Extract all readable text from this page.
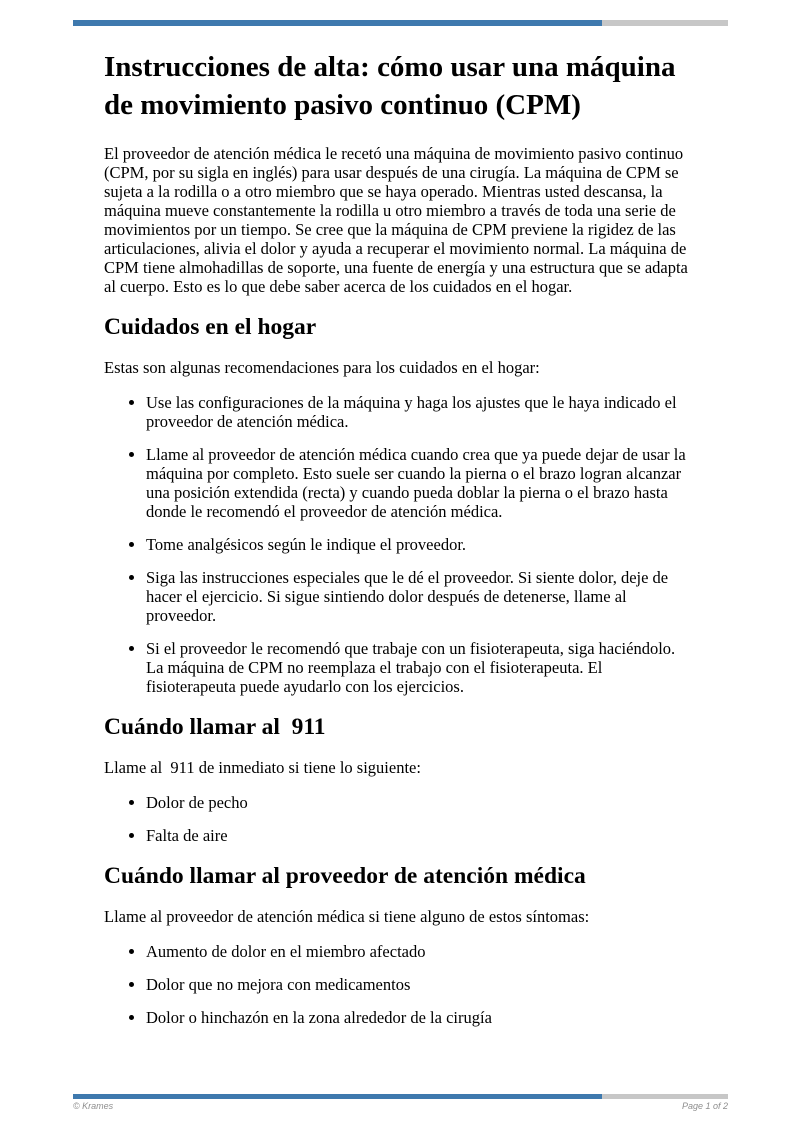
Instrucciones de alta: cómo usar una máquina de movimiento pasivo continuo (CPM)

El proveedor de atención médica le recetó una máquina de movimiento pasivo continuo (CPM, por su sigla en inglés) para usar después de una cirugía. La máquina de CPM se sujeta a la rodilla o a otro miembro que se haya operado. Mientras usted descansa, la máquina mueve constantemente la rodilla u otro miembro a través de toda una serie de movimientos por un tiempo. Se cree que la máquina de CPM previene la rigidez de las articulaciones, alivia el dolor y ayuda a recuperar el movimiento normal. La máquina de CPM tiene almohadillas de soporte, una fuente de energía y una estructura que se adapta al cuerpo. Esto es lo que debe saber acerca de los cuidados en el hogar.

Cuidados en el hogar

Estas son algunas recomendaciones para los cuidados en el hogar:

• Use las configuraciones de la máquina y haga los ajustes que le haya indicado el proveedor de atención médica.
• Llame al proveedor de atención médica cuando crea que ya puede dejar de usar la máquina por completo. Esto suele ser cuando la pierna o el brazo logran alcanzar una posición extendida (recta) y cuando pueda doblar la pierna o el brazo hasta donde le recomendó el proveedor de atención médica.
• Tome analgésicos según le indique el proveedor.
• Siga las instrucciones especiales que le dé el proveedor. Si siente dolor, deje de hacer el ejercicio. Si sigue sintiendo dolor después de detenerse, llame al proveedor.
• Si el proveedor le recomendó que trabaje con un fisioterapeuta, siga haciéndolo. La máquina de CPM no reemplaza el trabajo con el fisioterapeuta. El fisioterapeuta puede ayudarlo con los ejercicios.
Cuándo llamar al  911

Llame al  911 de inmediato si tiene lo siguiente:

• Dolor de pecho
• Falta de aire
Cuándo llamar al proveedor de atención médica

Llame al proveedor de atención médica si tiene alguno de estos síntomas:

• Aumento de dolor en el miembro afectado
• Dolor que no mejora con medicamentos
• Dolor o hinchazón en la zona alrededor de la cirugía
© Krames	Page 1 of 2
